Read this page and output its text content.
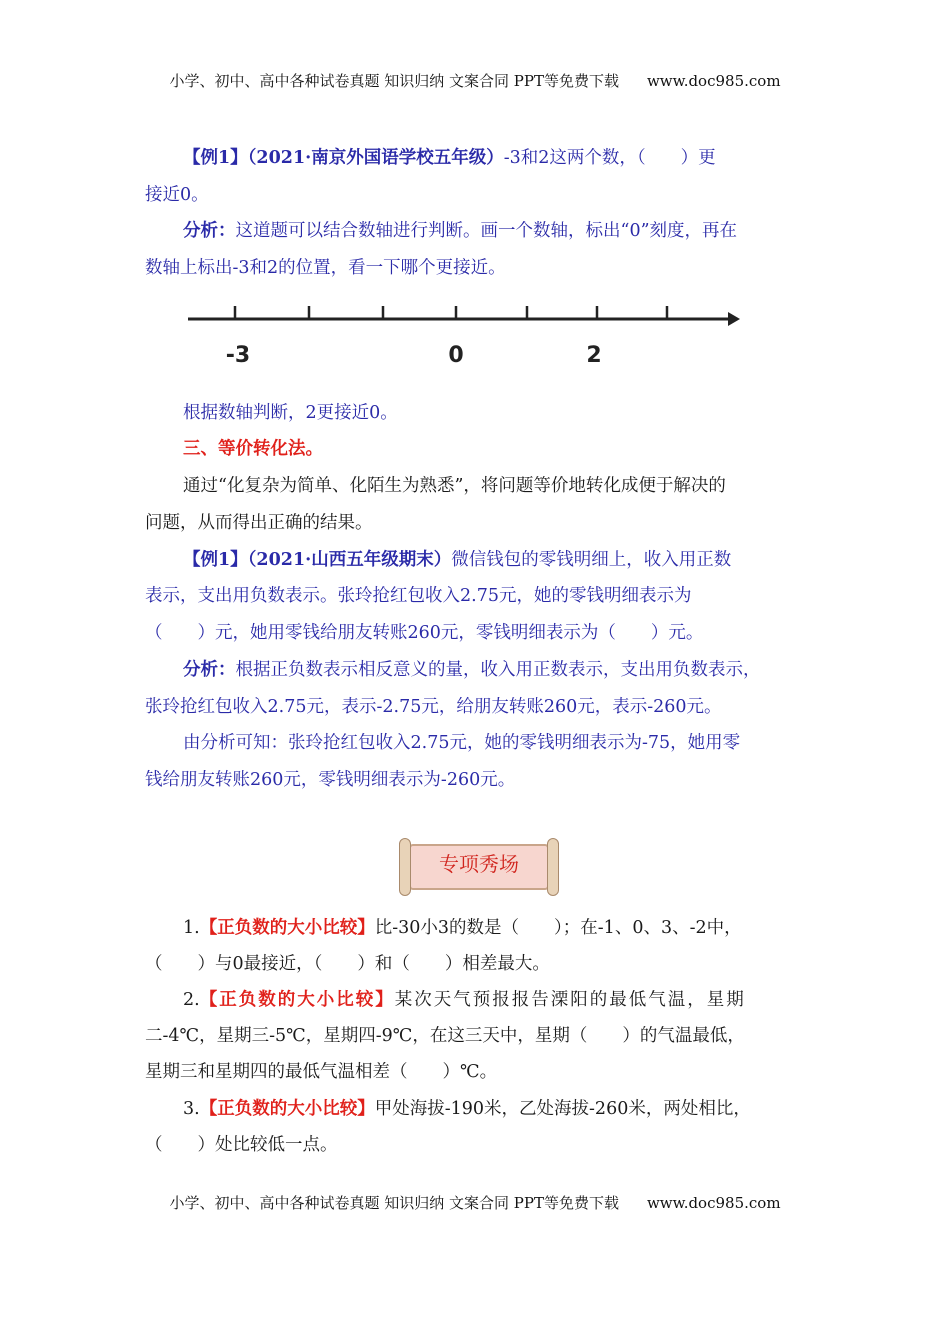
小学、初中、高中各种试卷真题 知识归纳 文案合同 PPT等免费下载 www.doc985.com
【例1】（2021·南京外国语学校五年级）-3和2这两个数，（　　）更
接近0。
分析：这道题可以结合数轴进行判断。画一个数轴，标出“0”刻度，再在
数轴上标出-3和2的位置，看一下哪个更接近。
-3	0	2
根据数轴判断，2更接近0。
三、等价转化法。
通过“化复杂为简单、化陌生为熟悉”，将问题等价地转化成便于解决的
问题，从而得出正确的结果。
【例1】（2021·山西五年级期末）微信钱包的零钱明细上，收入用正数
表示，支出用负数表示。张玲抢红包收入2.75元，她的零钱明细表示为
（　　）元，她用零钱给朋友转账260元，零钱明细表示为（　　）元。
分析：根据正负数表示相反意义的量，收入用正数表示，支出用负数表示，
张玲抢红包收入2.75元，表示-2.75元，给朋友转账260元，表示-260元。
由分析可知：张玲抢红包收入2.75元，她的零钱明细表示为-75，她用零
钱给朋友转账260元，零钱明细表示为-260元。
专项秀场
1.【正负数的大小比较】比-30小3的数是（　　）；在-1、0、3、-2中，
（　　）与0最接近，（　　）和（　　）相差最大。
2.【正负数的大小比较】某次天气预报报告溧阳的最低气温，星期
二-4℃，星期三-5℃，星期四-9℃，在这三天中，星期（　　）的气温最低，
星期三和星期四的最低气温相差（　　）℃。
3.【正负数的大小比较】甲处海拔-190米，乙处海拔-260米，两处相比，
（　　）处比较低一点。
小学、初中、高中各种试卷真题 知识归纳 文案合同 PPT等免费下载 www.doc985.com
